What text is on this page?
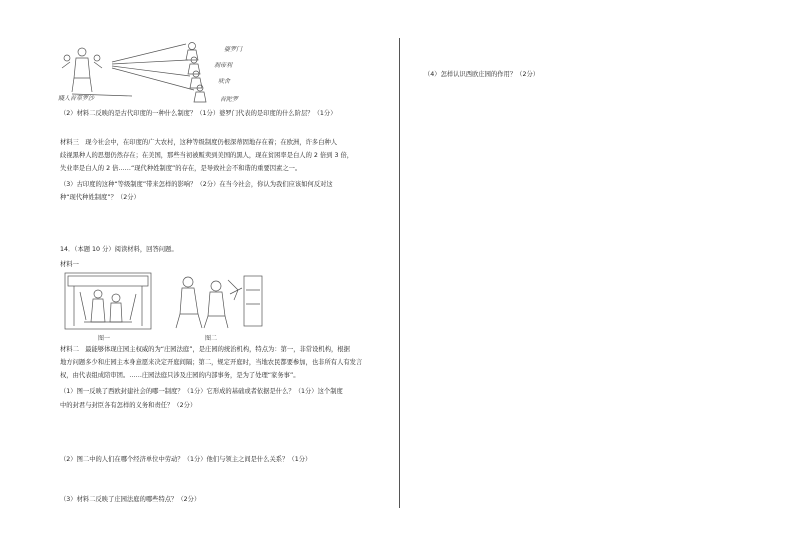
婆罗门
刹帝利
吠舍
首陀罗
賤人首草罗沙
（2）材料二反映的是古代印度的一种什么制度？（1分）婆罗门代表的是印度的什么阶层？（1分）
材料三　现今社会中，在印度的广大农村，这种等级制度仍根深蒂固地存在着；在欧洲，许多白种人
歧视黑种人的思想仍然存在；在美国，那些当初被贩卖到美国的黑人，现在贫困率是白人的 2 倍到 3 倍，
失业率是白人的 2 倍……“现代种姓制度”的存在，是导致社会不和谐的重要因素之一。
（3）古印度的这种“等级制度”带来怎样的影响？（2分）在当今社会，你认为我们应该如何反对这
种“现代种姓制度”？（2分）
14．（本题 10 分）阅读材料，回答问题。
材料一
图一	图二
材料二　最能够体现庄园主权威的为“庄园法庭”，是庄园的统治机构，特点为：第一，非常设机构，根据
地方问题多少和庄园主本身意愿来决定开庭间隔；第二，规定开庭时，当地农民都要参加，也非所有人有发言
权，由代表组成陪审团。……庄园法庭只涉及庄园的内部事务，是为了处理“家务事”。
（1）图一反映了西欧封建社会的哪一制度？（1分）它形成的基础或者依据是什么？（1分）这个制度
中的封君与封臣各有怎样的义务和责任？（2分）
（2）图二中的人们在哪个经济单位中劳动？（1分）他们与领主之间是什么关系？（1分）
（3）材料二反映了庄园法庭的哪些特点？（2分）
（4）怎样认识西欧庄园的作用？（2分）
